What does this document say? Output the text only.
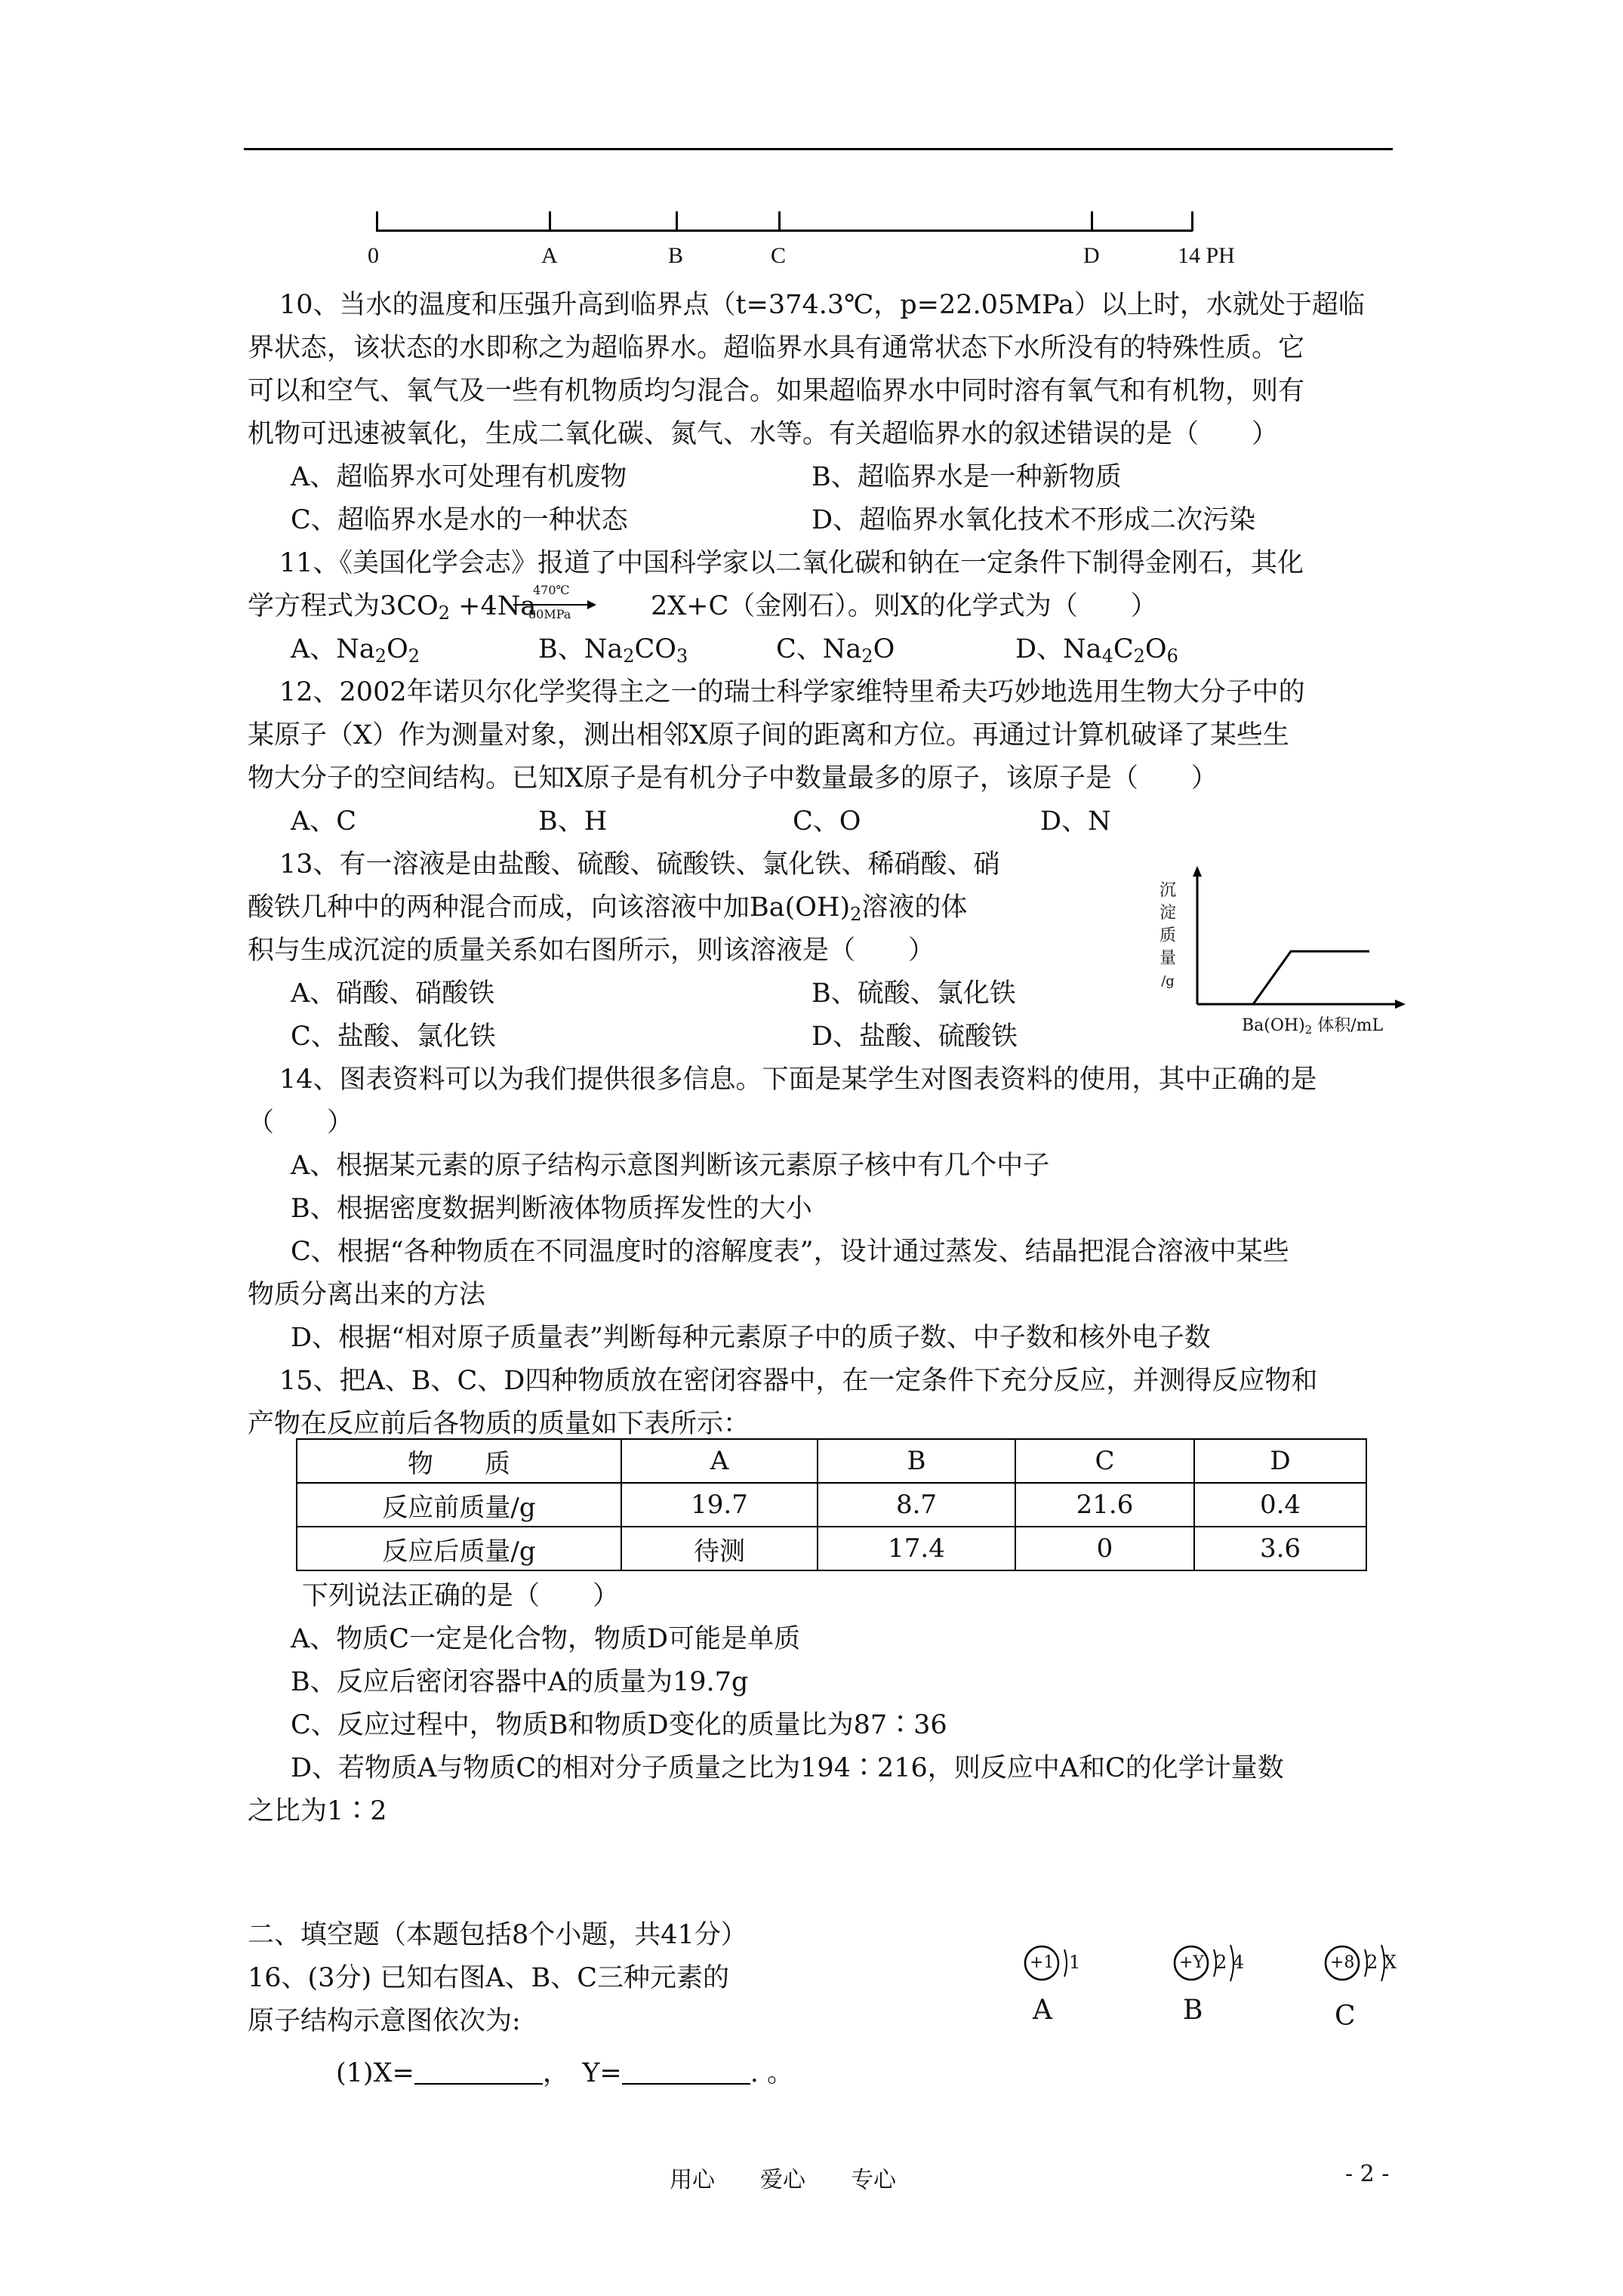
0	A	B	C	D	14 PH
10、当水的温度和压强升高到临界点（t=374.3℃，p=22.05MPa）以上时，水就处于超临
界状态，该状态的水即称之为超临界水。超临界水具有通常状态下水所没有的特殊性质。它
可以和空气、氧气及一些有机物质均匀混合。如果超临界水中同时溶有氧气和有机物，则有
机物可迅速被氧化，生成二氧化碳、氮气、水等。有关超临界水的叙述错误的是（　　）
A、超临界水可处理有机废物	B、超临界水是一种新物质
C、超临界水是水的一种状态	D、超临界水氧化技术不形成二次污染
11、《美国化学会志》报道了中国科学家以二氧化碳和钠在一定条件下制得金刚石，其化
学方程式为$3CO_2 +4Na$
470℃
80MPa	2X+C（金刚石）。则X的化学式为（　　）
A、$Na_2O_2$	B、$Na_2CO_3$	C、$Na_2O$	D、$Na_4C_2O_6$
12、2002年诺贝尔化学奖得主之一的瑞士科学家维特里希夫巧妙地选用生物大分子中的
某原子（X）作为测量对象，测出相邻X原子间的距离和方位。再通过计算机破译了某些生
物大分子的空间结构。已知X原子是有机分子中数量最多的原子，该原子是（　　）
A、C	B、H	C、O	D、N
13、有一溶液是由盐酸、硫酸、硫酸铁、氯化铁、稀硝酸、硝
酸铁几种中的两种混合而成，向该溶液中加$Ba(OH)_2$溶液的体
积与生成沉淀的质量关系如右图所示，则该溶液是（　　）
A、硝酸、硝酸铁	B、硫酸、氯化铁
C、盐酸、氯化铁	D、盐酸、硫酸铁
沉
淀
质
量
/g
Ba(OH)2 体积/mL
14、图表资料可以为我们提供很多信息。下面是某学生对图表资料的使用，其中正确的是
（　　）
A、根据某元素的原子结构示意图判断该元素原子核中有几个中子
B、根据密度数据判断液体物质挥发性的大小
C、根据“各种物质在不同温度时的溶解度表”，设计通过蒸发、结晶把混合溶液中某些
物质分离出来的方法
D、根据“相对原子质量表”判断每种元素原子中的质子数、中子数和核外电子数
15、把A、B、C、D四种物质放在密闭容器中，在一定条件下充分反应，并测得反应物和
产物在反应前后各物质的质量如下表所示：
物　　质	A	B	C	D
反应前质量/g	19.7	8.7	21.6	0.4
反应后质量/g	待测	17.4	0	3.6
下列说法正确的是（　　）
A、物质C一定是化合物，物质D可能是单质
B、反应后密闭容器中A的质量为19.7g
C、反应过程中，物质B和物质D变化的质量比为87∶36
D、若物质A与物质C的相对分子质量之比为194∶216，则反应中A和C的化学计量数
之比为1∶2
二、填空题（本题包括8个小题，共41分）
16、(3分) 已知右图A、B、C三种元素的
原子结构示意图依次为:
(1)X=	，　Y=	. 。
+1 1	+Y 2 4	+8 2 X
A	B	C
用心　　爱心　　专心	- 2 -
